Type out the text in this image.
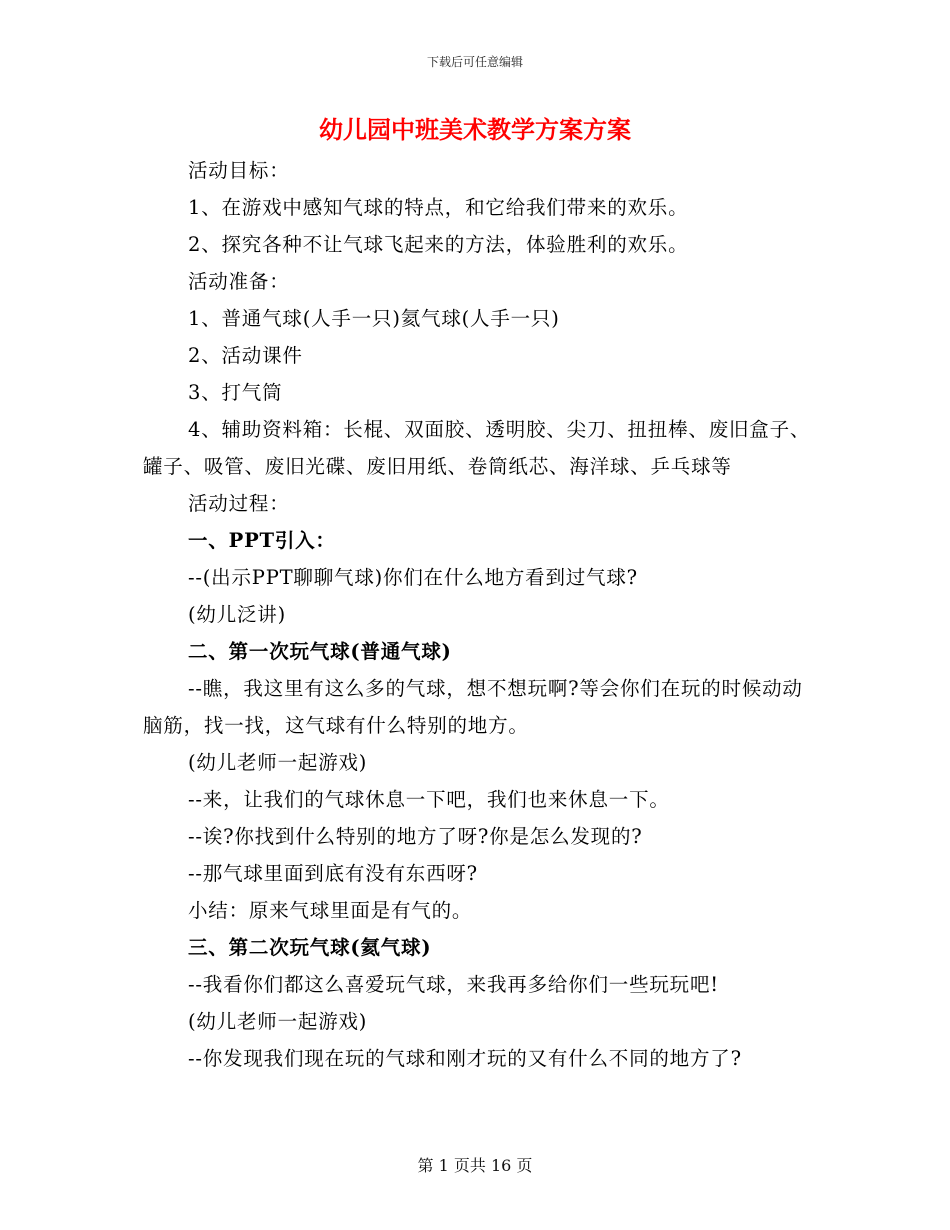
下载后可任意编辑
幼儿园中班美术教学方案方案

活动目标：

1、在游戏中感知气球的特点，和它给我们带来的欢乐。

2、探究各种不让气球飞起来的方法，体验胜利的欢乐。

活动准备：

1、普通气球(人手一只)氦气球(人手一只)

2、活动课件

3、打气筒

4、辅助资料箱：长棍、双面胶、透明胶、尖刀、扭扭棒、废旧盒子、罐子、吸管、废旧光碟、废旧用纸、卷筒纸芯、海洋球、乒乓球等

活动过程：

一、PPT引入：

--(出示PPT聊聊气球)你们在什么地方看到过气球?

(幼儿泛讲)

二、第一次玩气球(普通气球)

--瞧，我这里有这么多的气球，想不想玩啊?等会你们在玩的时候动动脑筋，找一找，这气球有什么特别的地方。

(幼儿老师一起游戏)

--来，让我们的气球休息一下吧，我们也来休息一下。

--诶?你找到什么特别的地方了呀?你是怎么发现的?

--那气球里面到底有没有东西呀?

小结：原来气球里面是有气的。

三、第二次玩气球(氦气球)

--我看你们都这么喜爱玩气球，来我再多给你们一些玩玩吧!

(幼儿老师一起游戏)

--你发现我们现在玩的气球和刚才玩的又有什么不同的地方了?

第 1 页共 16 页
